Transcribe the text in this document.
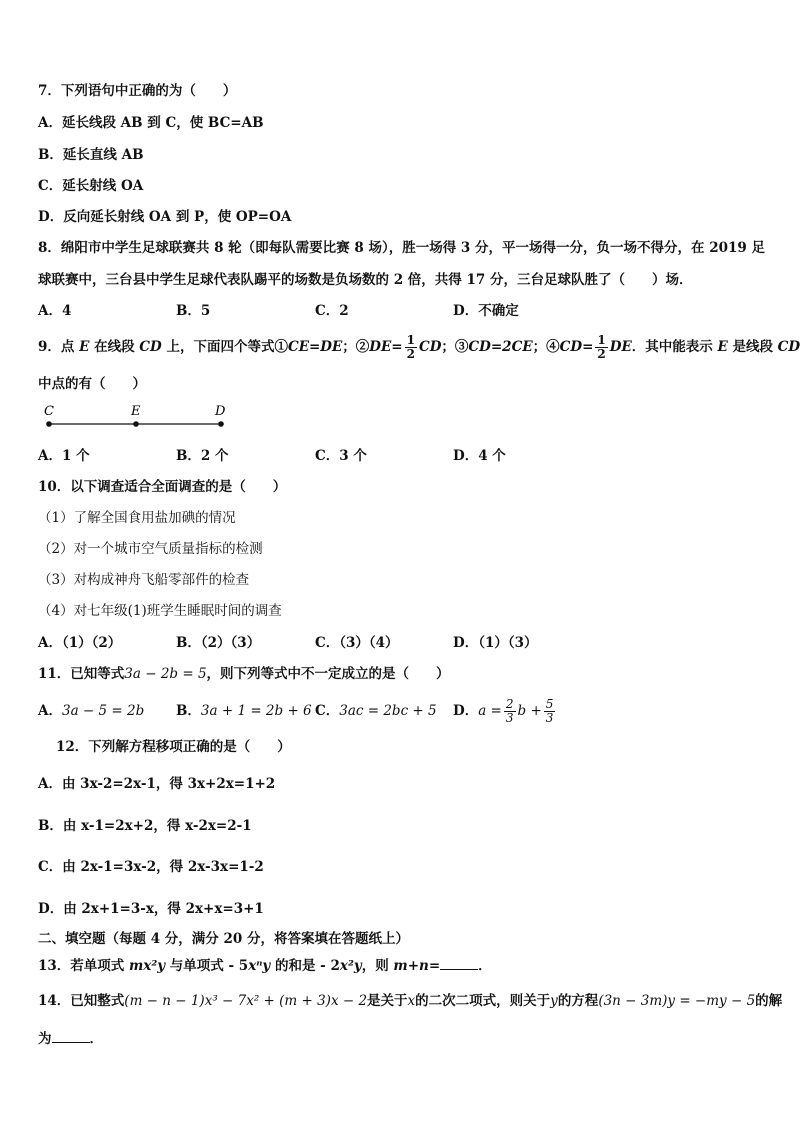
7．下列语句中正确的为（　　）
A．延长线段 AB 到 C，使 BC=AB
B．延长直线 AB
C．延长射线 OA
D．反向延长射线 OA 到 P，使 OP=OA
8．绵阳市中学生足球联赛共 8 轮（即每队需要比赛 8 场），胜一场得 3 分，平一场得一分，负一场不得分，在 2019 足
球联赛中，三台县中学生足球代表队踢平的场数是负场数的 2 倍，共得 17 分，三台足球队胜了（　　）场．
A．4	B．5	C．2	D．不确定
9．点 E 在线段 CD 上，下面四个等式①CE=DE；②DE= $\frac{1}{2}$ CD；③CD=2CE；④CD= $\frac{1}{2}$ DE．其中能表示 E 是线段 CD
中点的有（　　）
C	E	D
A．1 个	B．2 个	C．3 个	D．4 个
10．以下调查适合全面调查的是（　　）
（1）了解全国食用盐加碘的情况
（2）对一个城市空气质量指标的检测
（3）对构成神舟飞船零部件的检查
（4）对七年级(1)班学生睡眠时间的调查
A．（1）（2）	B．（2）（3）	C．（3）（4）	D．（1）（3）
11．已知等式3a − 2b = 5，则下列等式中不一定成立的是（　　）
A．3a − 5 = 2b B．3a + 1 = 2b + 6 C．3ac = 2bc + 5 D．$a = \frac{2}{3}$ $b + \frac{5}{3}$
12．下列解方程移项正确的是（　　）
A．由 3x-2=2x-1，得 3x+2x=1+2
B．由 x-1=2x+2，得 x-2x=2-1
C．由 2x-1=3x-2，得 2x-3x=1-2
D．由 2x+1=3-x，得 2x+x=3+1
二、填空题（每题 4 分，满分 20 分，将答案填在答题纸上）
13．若单项式 mx²y 与单项式 - 5xⁿy 的和是 - 2x²y，则 m+n=	．
14．已知整式(m − n − 1)x³ − 7x² + (m + 3)x − 2是关于x的二次二项式，则关于y的方程(3n − 3m)y = −my − 5的解
为	．
